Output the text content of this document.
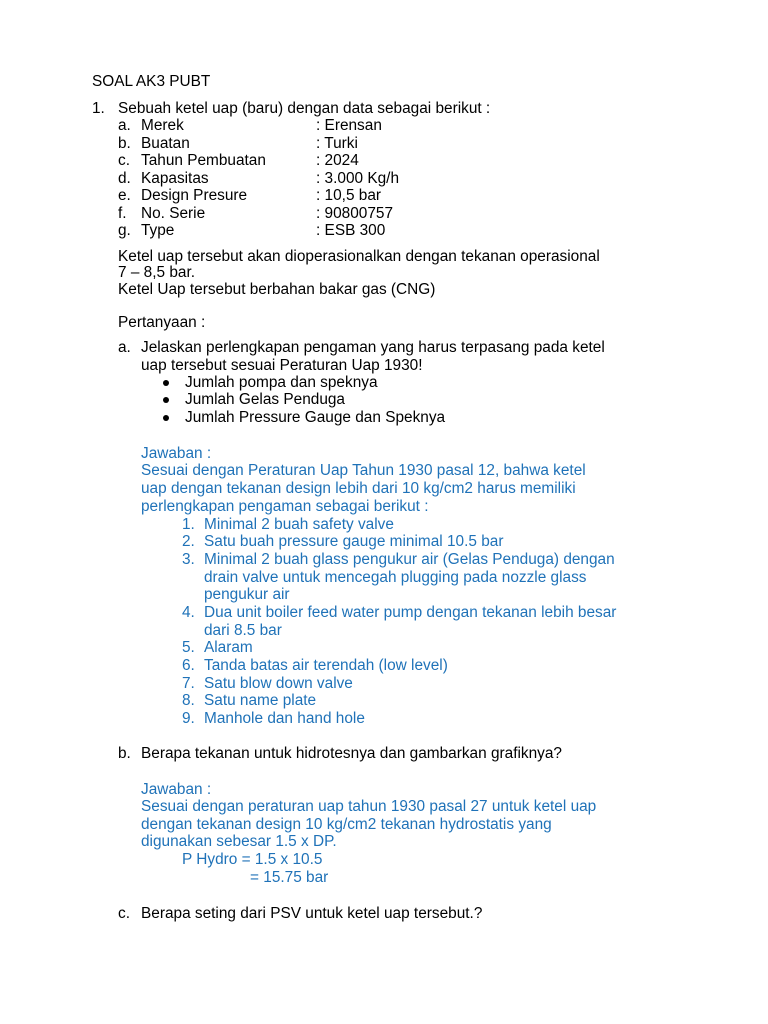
SOAL AK3 PUBT
1. Sebuah ketel uap (baru) dengan data sebagai berikut :
a. Merek	: Erensan
b. Buatan	: Turki
c. Tahun Pembuatan	: 2024
d. Kapasitas	: 3.000 Kg/h
e. Design Presure	: 10,5 bar
f. No. Serie	: 90800757
g. Type	: ESB 300
Ketel uap tersebut akan dioperasionalkan dengan tekanan operasional
7 – 8,5 bar.
Ketel Uap tersebut berbahan bakar gas (CNG)
Pertanyaan :
a. Jelaskan perlengkapan pengaman yang harus terpasang pada ketel
uap tersebut sesuai Peraturan Uap 1930!
Jumlah pompa dan speknya
Jumlah Gelas Penduga
Jumlah Pressure Gauge dan Speknya
Jawaban :
Sesuai dengan Peraturan Uap Tahun 1930 pasal 12, bahwa ketel
uap dengan tekanan design lebih dari 10 kg/cm2 harus memiliki
perlengkapan pengaman sebagai berikut :
1. Minimal 2 buah safety valve
2. Satu buah pressure gauge minimal 10.5 bar
3. Minimal 2 buah glass pengukur air (Gelas Penduga) dengan
drain valve untuk mencegah plugging pada nozzle glass
pengukur air
4. Dua unit boiler feed water pump dengan tekanan lebih besar
dari 8.5 bar
5. Alaram
6. Tanda batas air terendah (low level)
7. Satu blow down valve
8. Satu name plate
9. Manhole dan hand hole
b. Berapa tekanan untuk hidrotesnya dan gambarkan grafiknya?
Jawaban :
Sesuai dengan peraturan uap tahun 1930 pasal 27 untuk ketel uap
dengan tekanan design 10 kg/cm2 tekanan hydrostatis yang
digunakan sebesar 1.5 x DP.
P Hydro = 1.5 x 10.5
= 15.75 bar
c. Berapa seting dari PSV untuk ketel uap tersebut.?
